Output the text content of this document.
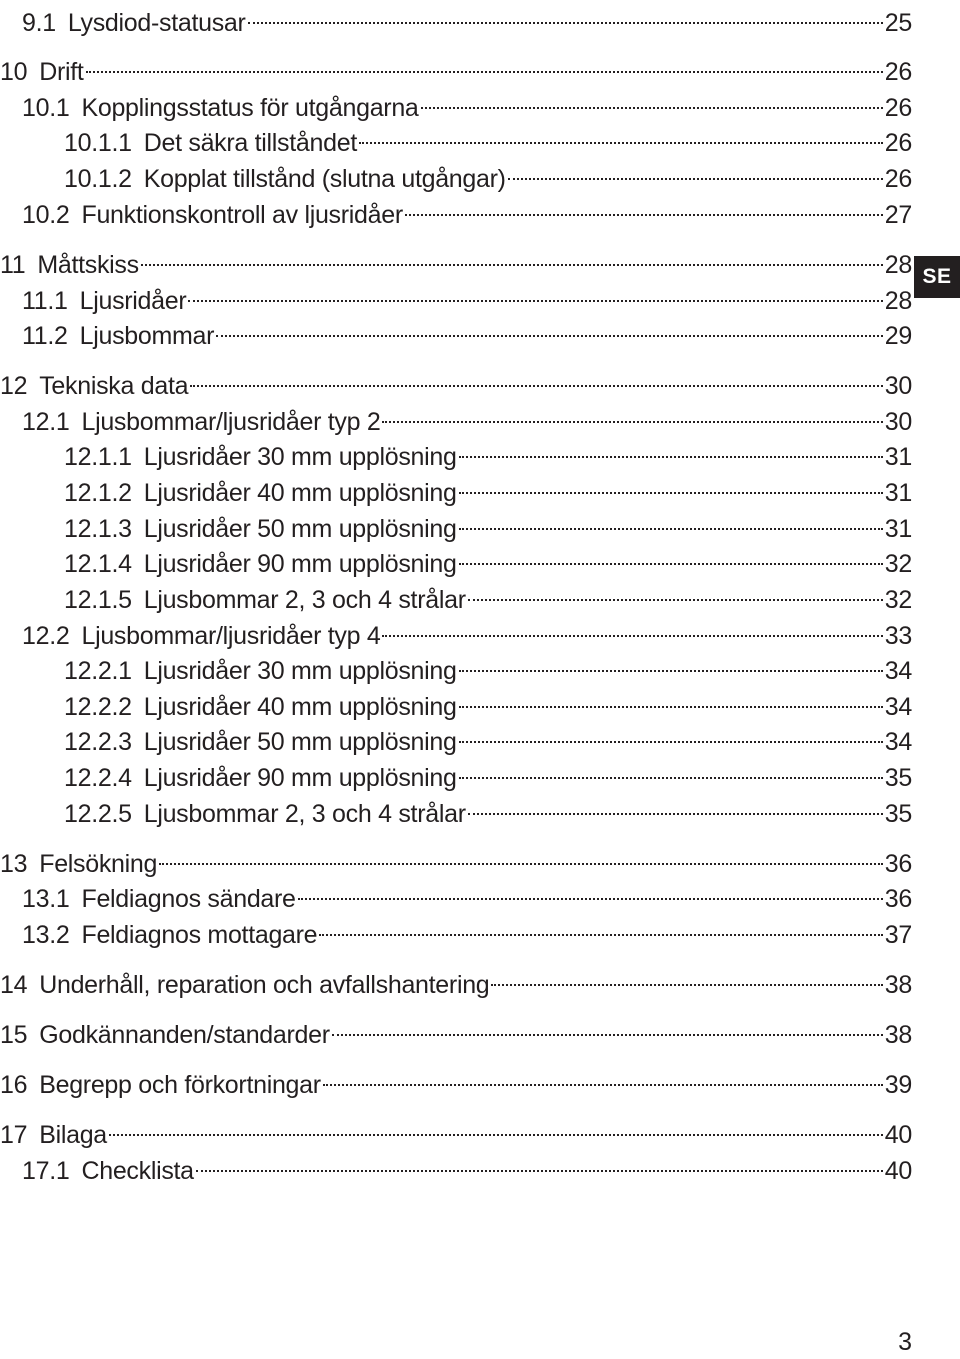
9.1 Lysdiod-statusar	25
10 Drift	26
10.1 Kopplingsstatus för utgångarna	26
10.1.1 Det säkra tillståndet	26
10.1.2 Kopplat tillstånd (slutna utgångar)	26
10.2 Funktionskontroll av ljusridåer	27
11 Måttskiss	28
11.1 Ljusridåer	28
11.2 Ljusbommar	29
12 Tekniska data	30
12.1 Ljusbommar/ljusridåer typ 2	30
12.1.1 Ljusridåer 30 mm upplösning	31
12.1.2 Ljusridåer 40 mm upplösning	31
12.1.3 Ljusridåer 50 mm upplösning	31
12.1.4 Ljusridåer 90 mm upplösning	32
12.1.5 Ljusbommar 2, 3 och 4 strålar	32
12.2 Ljusbommar/ljusridåer typ 4	33
12.2.1 Ljusridåer 30 mm upplösning	34
12.2.2 Ljusridåer 40 mm upplösning	34
12.2.3 Ljusridåer 50 mm upplösning	34
12.2.4 Ljusridåer 90 mm upplösning	35
12.2.5 Ljusbommar 2, 3 och 4 strålar	35
13 Felsökning	36
13.1 Feldiagnos sändare	36
13.2 Feldiagnos mottagare	37
14 Underhåll, reparation och avfallshantering	38
15 Godkännanden/standarder	38
16 Begrepp och förkortningar	39
17 Bilaga	40
17.1 Checklista	40
SE
3
